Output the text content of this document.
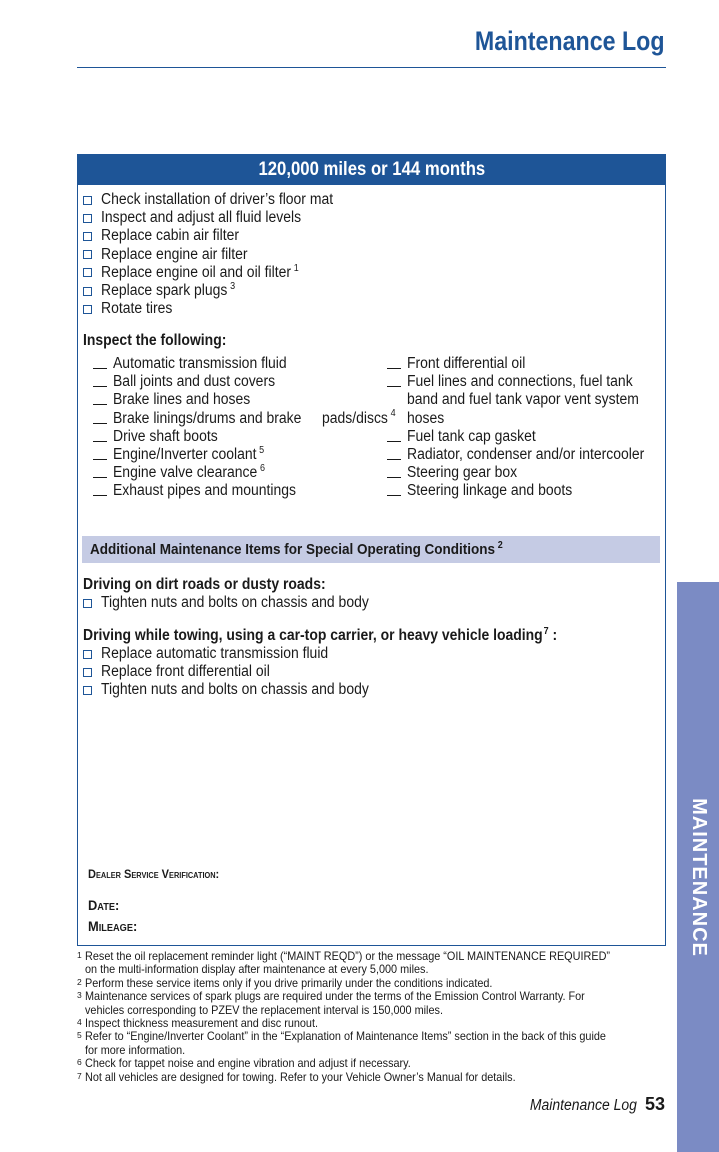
Maintenance Log
120,000 miles or 144 months
Check installation of driver’s floor mat
Inspect and adjust all fluid levels
Replace cabin air filter
Replace engine air filter
Replace engine oil and oil filter $^1$
Replace spark plugs $^3$
Rotate tires
Inspect the following:
Automatic transmission fluid
Ball joints and dust covers
Brake lines and hoses
Brake linings/drums and brake pads/discs $^4$
Drive shaft boots
Engine/Inverter coolant $^5$
Engine valve clearance $^6$
Exhaust pipes and mountings
Front differential oil
Fuel lines and connections, fuel tankband and fuel tank vapor vent systemhoses
Fuel tank cap gasket
Radiator, condenser and/or intercooler
Steering gear box
Steering linkage and boots
Additional Maintenance Items for Special Operating Conditions $^2$
Driving on dirt roads or dusty roads:
Tighten nuts and bolts on chassis and body
Driving while towing, using a car-top carrier, or heavy vehicle loading$^7$ :
Replace automatic transmission fluid
Replace front differential oil
Tighten nuts and bolts on chassis and body
Dealer Service Verification:
Date:
Mileage:
1 Reset the oil replacement reminder light (“MAINT REQD”) or the message “OIL MAINTENANCE REQUIRED” on the multi-information display after maintenance at every 5,000 miles.
2 Perform these service items only if you drive primarily under the conditions indicated.
3 Maintenance services of spark plugs are required under the terms of the Emission Control Warranty. For vehicles corresponding to PZEV the replacement interval is 150,000 miles.
4 Inspect thickness measurement and disc runout.
5 Refer to “Engine/Inverter Coolant” in the “Explanation of Maintenance Items” section in the back of this guide for more information.
6 Check for tappet noise and engine vibration and adjust if necessary.
7 Not all vehicles are designed for towing. Refer to your Vehicle Owner’s Manual for details.
Maintenance Log 53
MAINTENANCE
